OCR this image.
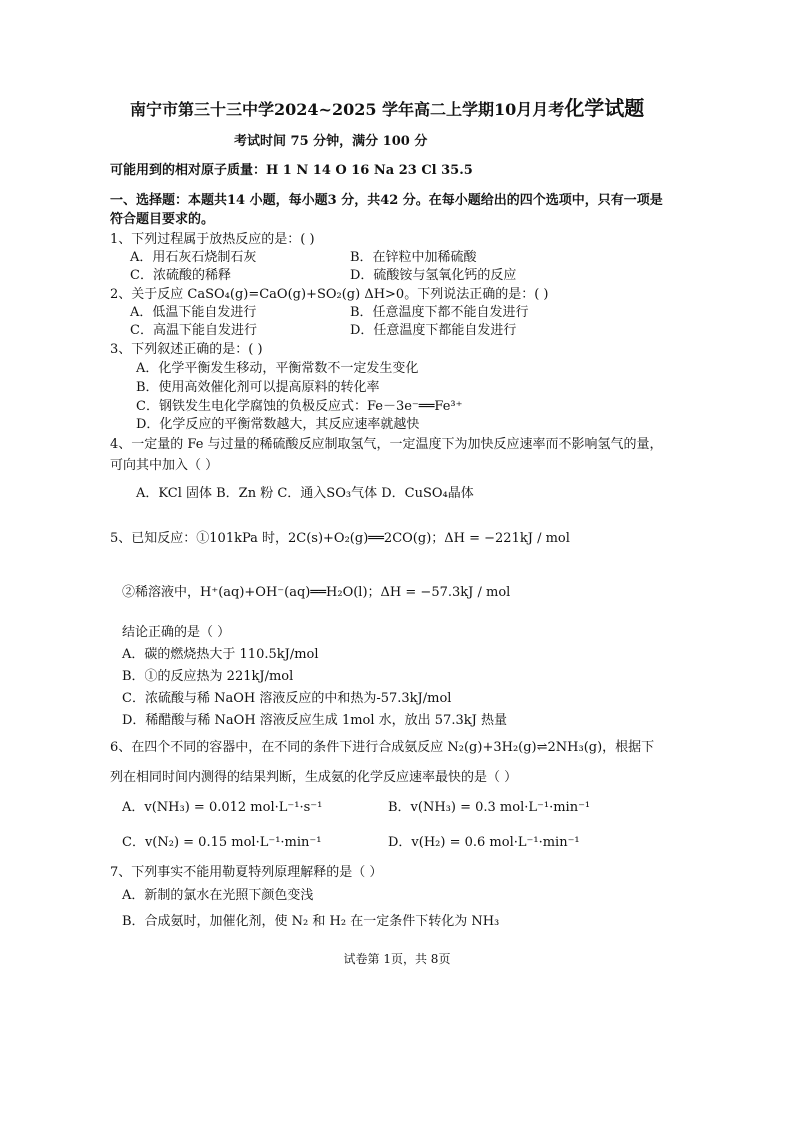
南宁市第三十三中学2024~2025 学年高二上学期10月月考化学试题
考试时间 75 分钟，满分 100 分
可能用到的相对原子质量：H 1 N 14 O 16 Na 23 Cl 35.5
一、选择题：本题共14 小题，每小题3 分，共42 分。在每小题给出的四个选项中，只有一项是
符合题目要求的。
1、下列过程属于放热反应的是：( )
A．用石灰石烧制石灰	B．在锌粒中加稀硫酸
C．浓硫酸的稀释	D．硫酸铵与氢氧化钙的反应
2、关于反应 CaSO₄(g)=CaO(g)+SO₂(g) ΔH>0。下列说法正确的是：( )
A．低温下能自发进行	B．任意温度下都不能自发进行
C．高温下能自发进行	D．任意温度下都能自发进行
3、下列叙述正确的是：( )
A．化学平衡发生移动，平衡常数不一定发生变化
B．使用高效催化剂可以提高原料的转化率
C．钢铁发生电化学腐蚀的负极反应式：Fe－3e⁻══Fe³⁺
D．化学反应的平衡常数越大，其反应速率就越快
4、一定量的 Fe 与过量的稀硫酸反应制取氢气，一定温度下为加快反应速率而不影响氢气的量，
可向其中加入（ ）
A．KCl 固体 B．Zn 粉 C．通入SO₃气体 D．CuSO₄晶体
5、已知反应：①101kPa 时，2C(s)+O₂(g)══2CO(g)；ΔH = −221kJ / mol
②稀溶液中，H⁺(aq)+OH⁻(aq)══H₂O(l)；ΔH = −57.3kJ / mol
结论正确的是（ ）
A．碳的燃烧热大于 110.5kJ/mol
B．①的反应热为 221kJ/mol
C．浓硫酸与稀 NaOH 溶液反应的中和热为-57.3kJ/mol
D．稀醋酸与稀 NaOH 溶液反应生成 1mol 水，放出 57.3kJ 热量
6、在四个不同的容器中，在不同的条件下进行合成氨反应 N₂(g)+3H₂(g)⇌2NH₃(g)，根据下
列在相同时间内测得的结果判断，生成氨的化学反应速率最快的是（ ）
A．v(NH₃) = 0.012 mol·L⁻¹·s⁻¹	B．v(NH₃) = 0.3 mol·L⁻¹·min⁻¹
C．v(N₂) = 0.15 mol·L⁻¹·min⁻¹	D．v(H₂) = 0.6 mol·L⁻¹·min⁻¹
7、下列事实不能用勒夏特列原理解释的是（ ）
A．新制的氯水在光照下颜色变浅
B．合成氨时，加催化剂，使 N₂ 和 H₂ 在一定条件下转化为 NH₃
试卷第 1页，共 8页
